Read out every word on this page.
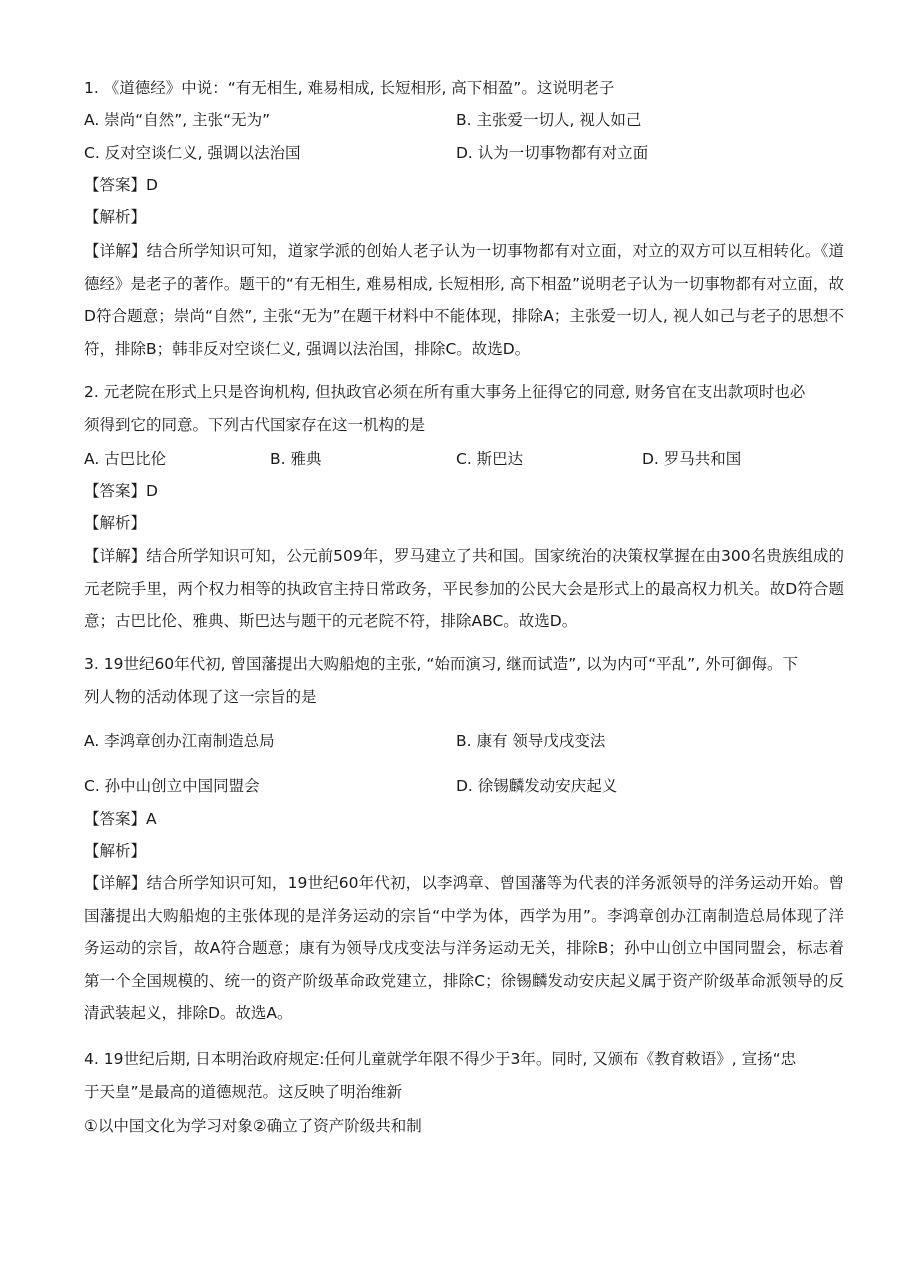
1. 《道德经》中说：“有无相生, 难易相成, 长短相形, 高下相盈”。这说明老子
A. 崇尚“自然”, 主张“无为”	B. 主张爱一切人, 视人如己
C. 反对空谈仁义, 强调以法治国	D. 认为一切事物都有对立面
【答案】D
【解析】
【详解】结合所学知识可知，道家学派的创始人老子认为一切事物都有对立面，对立的双方可以互相转化。《道德经》是老子的著作。题干的“有无相生, 难易相成, 长短相形, 高下相盈”说明老子认为一切事物都有对立面，故D符合题意；崇尚“自然”, 主张“无为”在题干材料中不能体现，排除A；主张爱一切人, 视人如己与老子的思想不符，排除B；韩非反对空谈仁义, 强调以法治国，排除C。故选D。
2. 元老院在形式上只是咨询机构, 但执政官必须在所有重大事务上征得它的同意, 财务官在支出款项时也必
须得到它的同意。下列古代国家存在这一机构的是
A. 古巴比伦	B. 雅典	C. 斯巴达	D. 罗马共和国
【答案】D
【解析】
【详解】结合所学知识可知，公元前509年，罗马建立了共和国。国家统治的决策权掌握在由300名贵族组成的元老院手里，两个权力相等的执政官主持日常政务，平民参加的公民大会是形式上的最高权力机关。故D符合题意；古巴比伦、雅典、斯巴达与题干的元老院不符，排除ABC。故选D。
3. 19世纪60年代初, 曾国藩提出大购船炮的主张, “始而演习, 继而试造”, 以为内可“平乱”, 外可御侮。下
列人物的活动体现了这一宗旨的是
A. 李鸿章创办江南制造总局	B. 康有 领导戊戌变法
C. 孙中山创立中国同盟会	D. 徐锡麟发动安庆起义
【答案】A
【解析】
【详解】结合所学知识可知，19世纪60年代初，以李鸿章、曾国藩等为代表的洋务派领导的洋务运动开始。曾国藩提出大购船炮的主张体现的是洋务运动的宗旨“中学为体，西学为用”。李鸿章创办江南制造总局体现了洋务运动的宗旨，故A符合题意；康有为领导戊戌变法与洋务运动无关，排除B；孙中山创立中国同盟会，标志着第一个全国规模的、统一的资产阶级革命政党建立，排除C；徐锡麟发动安庆起义属于资产阶级革命派领导的反清武装起义，排除D。故选A。
4. 19世纪后期, 日本明治政府规定:任何儿童就学年限不得少于3年。同时, 又颁布《教育敕语》, 宣扬“忠
于天皇”是最高的道德规范。这反映了明治维新
①以中国文化为学习对象②确立了资产阶级共和制
